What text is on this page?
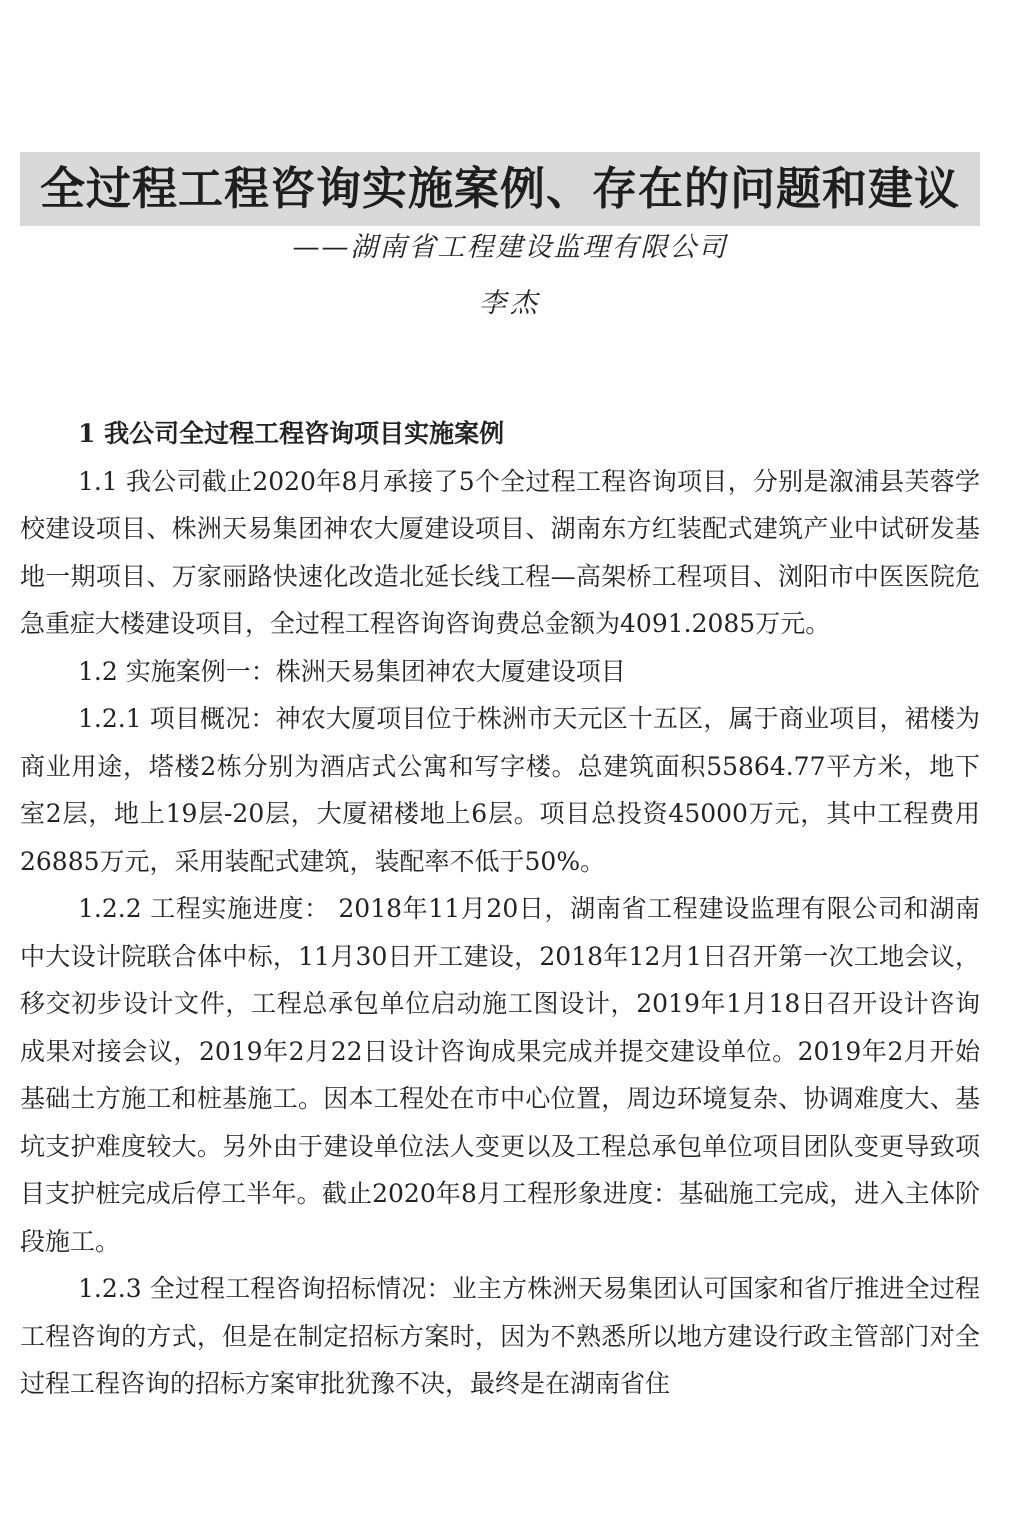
全过程工程咨询实施案例、存在的问题和建议
——湖南省工程建设监理有限公司
李杰

1 我公司全过程工程咨询项目实施案例

1.1 我公司截止2020年8月承接了5个全过程工程咨询项目，分别是溆浦县芙蓉学校建设项目、株洲天易集团神农大厦建设项目、湖南东方红装配式建筑产业中试研发基地一期项目、万家丽路快速化改造北延长线工程—高架桥工程项目、浏阳市中医医院危急重症大楼建设项目，全过程工程咨询咨询费总金额为4091.2085万元。

1.2 实施案例一：株洲天易集团神农大厦建设项目

1.2.1 项目概况：神农大厦项目位于株洲市天元区十五区，属于商业项目，裙楼为商业用途，塔楼2栋分别为酒店式公寓和写字楼。总建筑面积55864.77平方米，地下室2层，地上19层-20层，大厦裙楼地上6层。项目总投资45000万元，其中工程费用26885万元，采用装配式建筑，装配率不低于50%。

1.2.2 工程实施进度： 2018年11月20日，湖南省工程建设监理有限公司和湖南中大设计院联合体中标，11月30日开工建设，2018年12月1日召开第一次工地会议，移交初步设计文件，工程总承包单位启动施工图设计，2019年1月18日召开设计咨询成果对接会议，2019年2月22日设计咨询成果完成并提交建设单位。2019年2月开始基础土方施工和桩基施工。因本工程处在市中心位置，周边环境复杂、协调难度大、基坑支护难度较大。另外由于建设单位法人变更以及工程总承包单位项目团队变更导致项目支护桩完成后停工半年。截止2020年8月工程形象进度：基础施工完成，进入主体阶段施工。

1.2.3 全过程工程咨询招标情况：业主方株洲天易集团认可国家和省厅推进全过程工程咨询的方式，但是在制定招标方案时，因为不熟悉所以地方建设行政主管部门对全过程工程咨询的招标方案审批犹豫不决，最终是在湖南省住
